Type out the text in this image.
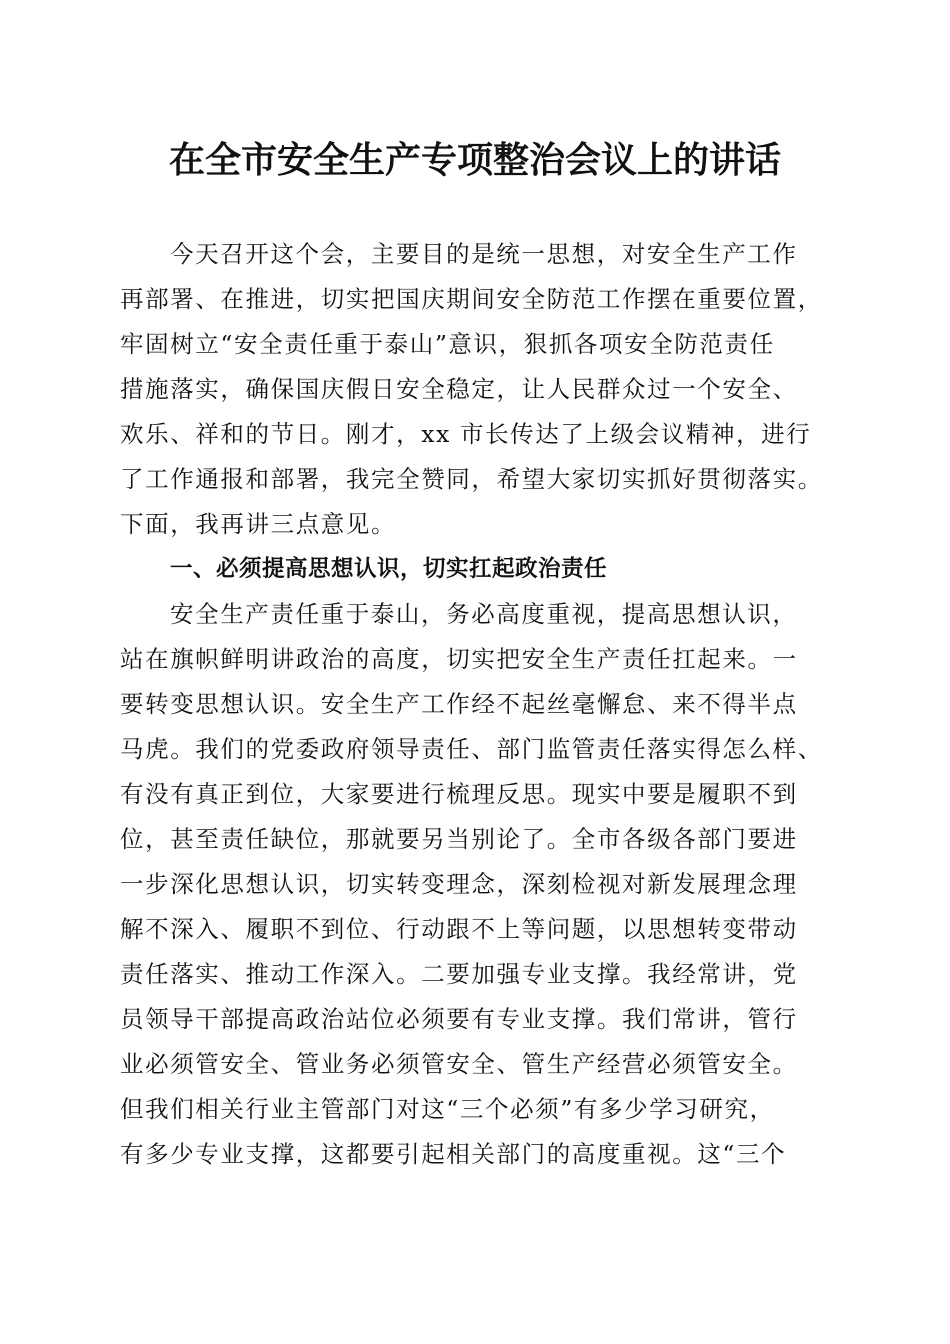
在全市安全生产专项整治会议上的讲话
今天召开这个会，主要目的是统一思想，对安全生产工作
再部署、在推进，切实把国庆期间安全防范工作摆在重要位置，
牢固树立“安全责任重于泰山”意识，狠抓各项安全防范责任
措施落实，确保国庆假日安全稳定，让人民群众过一个安全、
欢乐、祥和的节日。刚才，xx 市长传达了上级会议精神，进行
了工作通报和部署，我完全赞同，希望大家切实抓好贯彻落实。
下面，我再讲三点意见。
一、必须提高思想认识，切实扛起政治责任
安全生产责任重于泰山，务必高度重视，提高思想认识，
站在旗帜鲜明讲政治的高度，切实把安全生产责任扛起来。一
要转变思想认识。安全生产工作经不起丝毫懈怠、来不得半点
马虎。我们的党委政府领导责任、部门监管责任落实得怎么样、
有没有真正到位，大家要进行梳理反思。现实中要是履职不到
位，甚至责任缺位，那就要另当别论了。全市各级各部门要进
一步深化思想认识，切实转变理念，深刻检视对新发展理念理
解不深入、履职不到位、行动跟不上等问题，以思想转变带动
责任落实、推动工作深入。二要加强专业支撑。我经常讲，党
员领导干部提高政治站位必须要有专业支撑。我们常讲，管行
业必须管安全、管业务必须管安全、管生产经营必须管安全。
但我们相关行业主管部门对这“三个必须”有多少学习研究，
有多少专业支撑，这都要引起相关部门的高度重视。这“三个
